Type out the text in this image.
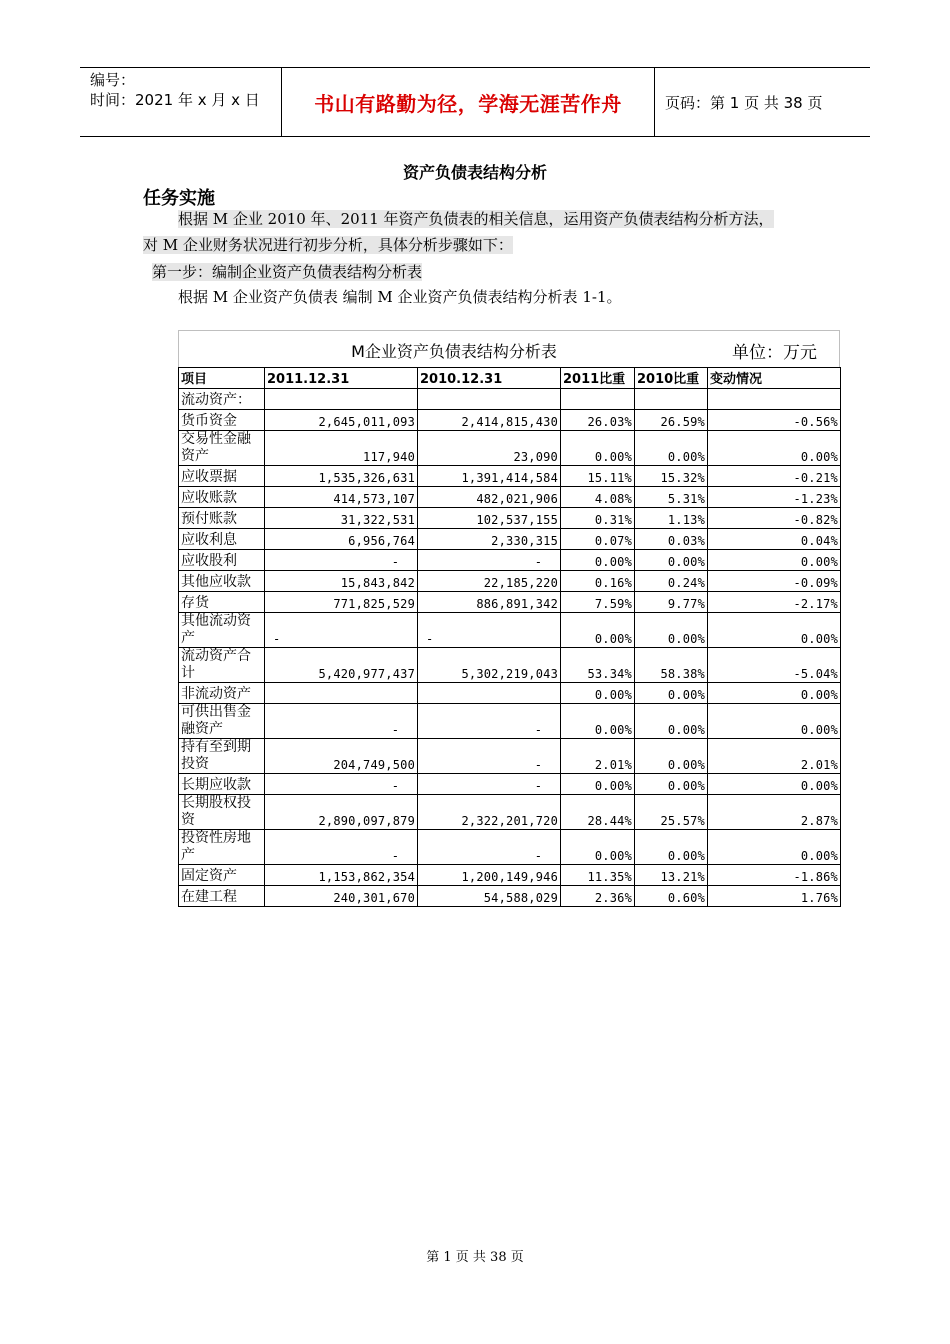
编号：
时间：2021 年 x 月 x 日	书山有路勤为径，学海无涯苦作舟	页码：第 1 页 共 38 页
资产负债表结构分析
任务实施
根据 M 企业 2010 年、2011 年资产负债表的相关信息，运用资产负债表结构分析方法，
对 M 企业财务状况进行初步分析，具体分析步骤如下：
第一步：编制企业资产负债表结构分析表
根据 M 企业资产负债表 编制 M 企业资产负债表结构分析表 1-1。
M企业资产负债表结构分析表	单位：万元
项目	2011.12.31	2010.12.31	2011比重	2010比重	变动情况
流动资产：					
货币资金	2,645,011,093	2,414,815,430	26.03%	26.59%	-0.56%
交易性金融资产	117,940	23,090	0.00%	0.00%	0.00%
应收票据	1,535,326,631	1,391,414,584	15.11%	15.32%	-0.21%
应收账款	414,573,107	482,021,906	4.08%	5.31%	-1.23%
预付账款	31,322,531	102,537,155	0.31%	1.13%	-0.82%
应收利息	6,956,764	2,330,315	0.07%	0.03%	0.04%
应收股利	-	-	0.00%	0.00%	0.00%
其他应收款	15,843,842	22,185,220	0.16%	0.24%	-0.09%
存货	771,825,529	886,891,342	7.59%	9.77%	-2.17%
其他流动资产	-	-	0.00%	0.00%	0.00%
流动资产合计	5,420,977,437	5,302,219,043	53.34%	58.38%	-5.04%
非流动资产			0.00%	0.00%	0.00%
可供出售金融资产	-	-	0.00%	0.00%	0.00%
持有至到期投资	204,749,500	-	2.01%	0.00%	2.01%
长期应收款	-	-	0.00%	0.00%	0.00%
长期股权投资	2,890,097,879	2,322,201,720	28.44%	25.57%	2.87%
投资性房地产	-	-	0.00%	0.00%	0.00%
固定资产	1,153,862,354	1,200,149,946	11.35%	13.21%	-1.86%
在建工程	240,301,670	54,588,029	2.36%	0.60%	1.76%
第 1 页 共 38 页
